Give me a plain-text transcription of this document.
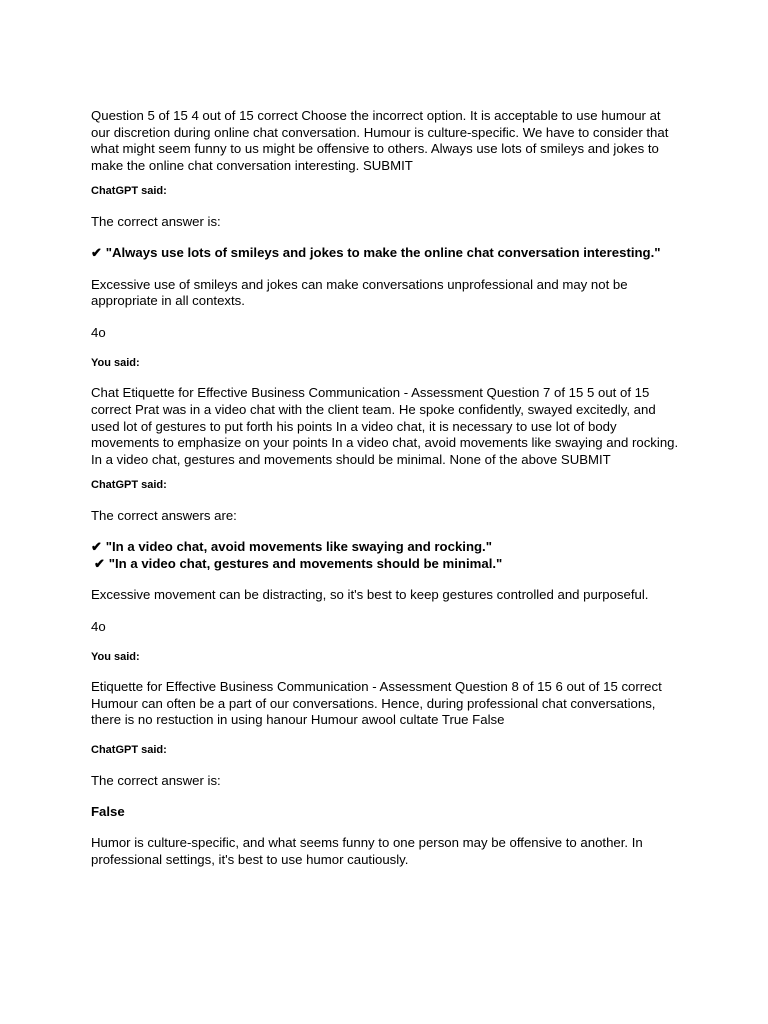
Question 5 of 15 4 out of 15 correct Choose the incorrect option. It is acceptable to use humour at our discretion during online chat conversation. Humour is culture-specific. We have to consider that what might seem funny to us might be offensive to others. Always use lots of smileys and jokes to make the online chat conversation interesting. SUBMIT

ChatGPT said:

The correct answer is:

✔ "Always use lots of smileys and jokes to make the online chat conversation interesting."

Excessive use of smileys and jokes can make conversations unprofessional and may not be appropriate in all contexts.

4o

You said:

Chat Etiquette for Effective Business Communication - Assessment Question 7 of 15 5 out of 15 correct Prat was in a video chat with the client team. He spoke confidently, swayed excitedly, and used lot of gestures to put forth his points In a video chat, it is necessary to use lot of body movements to emphasize on your points In a video chat, avoid movements like swaying and rocking. In a video chat, gestures and movements should be minimal. None of the above SUBMIT

ChatGPT said:

The correct answers are:

✔ "In a video chat, avoid movements like swaying and rocking."
✔ "In a video chat, gestures and movements should be minimal."

Excessive movement can be distracting, so it's best to keep gestures controlled and purposeful.

4o

You said:

Etiquette for Effective Business Communication - Assessment Question 8 of 15 6 out of 15 correct Humour can often be a part of our conversations. Hence, during professional chat conversations, there is no restuction in using hanour Humour awool cultate True False

ChatGPT said:

The correct answer is:

False

Humor is culture-specific, and what seems funny to one person may be offensive to another. In professional settings, it's best to use humor cautiously.
